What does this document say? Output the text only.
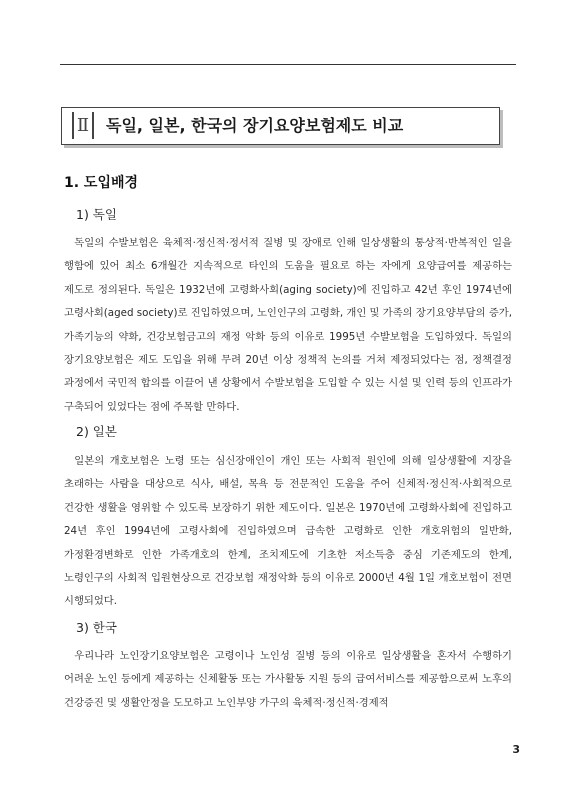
Ⅱ	독일, 일본, 한국의 장기요양보험제도 비교
1. 도입배경
1) 독일

독일의 수발보험은 육체적·정신적·정서적 질병 및 장애로 인해 일상생활의 통상적·반복적인 일을 행함에 있어 최소 6개월간 지속적으로 타인의 도움을 필요로 하는 자에게 요양급여를 제공하는 제도로 정의된다. 독일은 1932년에 고령화사회(aging society)에 진입하고 42년 후인 1974년에 고령사회(aged society)로 진입하였으며, 노인인구의 고령화, 개인 및 가족의 장기요양부담의 증가, 가족기능의 약화, 건강보험금고의 재정 악화 등의 이유로 1995년 수발보험을 도입하였다. 독일의 장기요양보험은 제도 도입을 위해 무려 20년 이상 정책적 논의를 거쳐 제정되었다는 점, 정책결정 과정에서 국민적 합의를 이끌어 낸 상황에서 수발보험을 도입할 수 있는 시설 및 인력 등의 인프라가 구축되어 있었다는 점에 주목할 만하다.

2) 일본

일본의 개호보험은 노령 또는 심신장애인이 개인 또는 사회적 원인에 의해 일상생활에 지장을 초래하는 사람을 대상으로 식사, 배설, 목욕 등 전문적인 도움을 주어 신체적·정신적·사회적으로 건강한 생활을 영위할 수 있도록 보장하기 위한 제도이다. 일본은 1970년에 고령화사회에 진입하고 24년 후인 1994년에 고령사회에 진입하였으며 급속한 고령화로 인한 개호위험의 일반화, 가정환경변화로 인한 가족개호의 한계, 조치제도에 기초한 저소득층 중심 기존제도의 한계, 노령인구의 사회적 입원현상으로 건강보험 재정악화 등의 이유로 2000년 4월 1일 개호보험이 전면 시행되었다.

3) 한국

우리나라 노인장기요양보험은 고령이나 노인성 질병 등의 이유로 일상생활을 혼자서 수행하기 어려운 노인 등에게 제공하는 신체활동 또는 가사활동 지원 등의 급여서비스를 제공함으로써 노후의 건강증진 및 생활안정을 도모하고 노인부양 가구의 육체적·정신적·경제적

3
